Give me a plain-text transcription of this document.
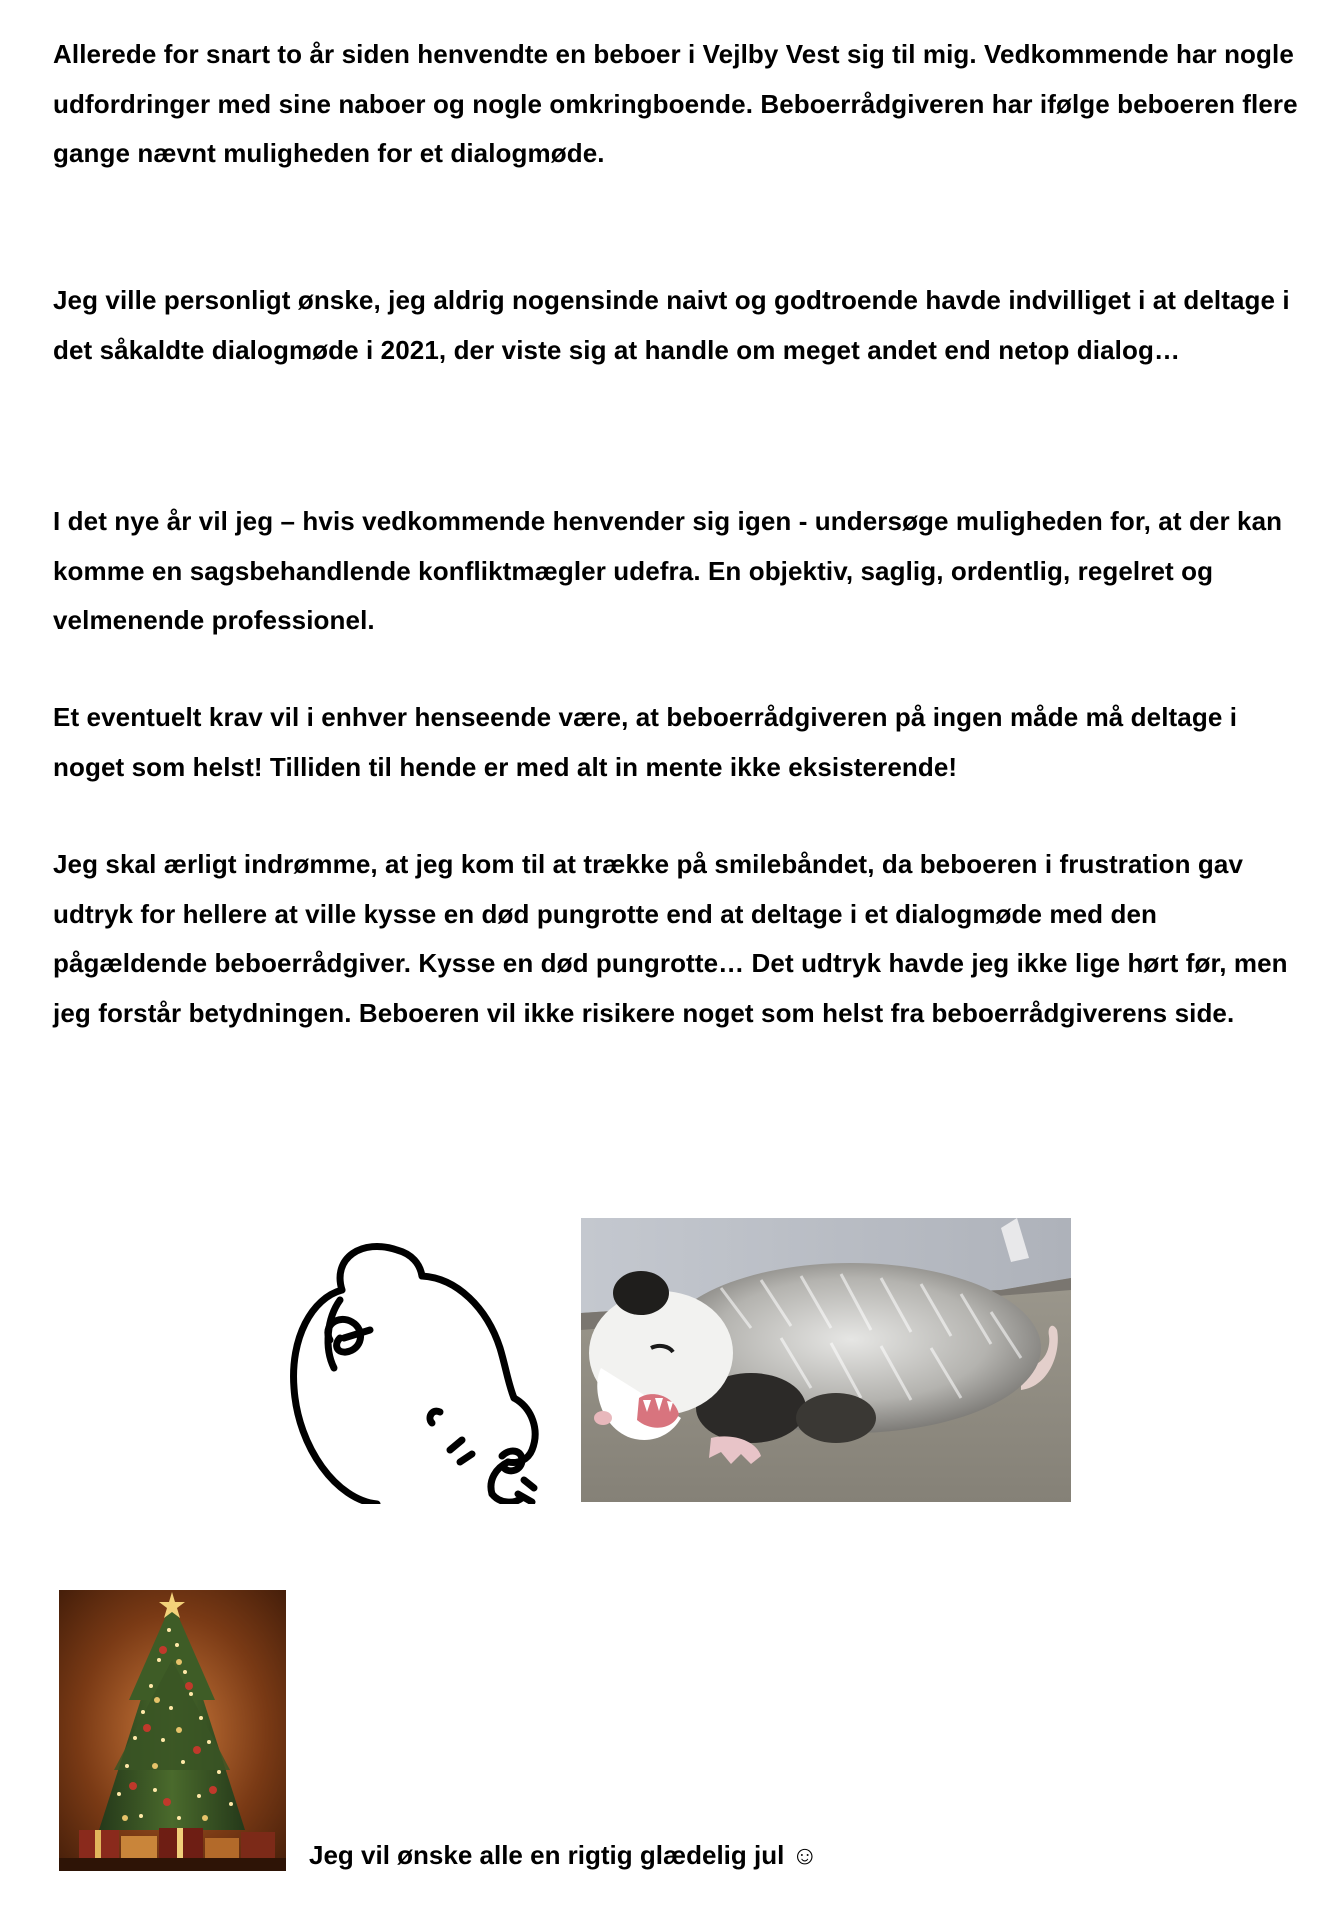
Allerede for snart to år siden henvendte en beboer i Vejlby Vest sig til mig. Vedkommende har nogle udfordringer med sine naboer og nogle omkringboende. Beboerrådgiveren har ifølge beboeren flere gange nævnt muligheden for et dialogmøde.

Jeg ville personligt ønske, jeg aldrig nogensinde naivt og godtroende havde indvilliget i at deltage i det såkaldte dialogmøde i 2021, der viste sig at handle om meget andet end netop dialog…

I det nye år vil jeg – hvis vedkommende henvender sig igen - undersøge muligheden for, at der kan komme en sagsbehandlende konfliktmægler udefra. En objektiv, saglig, ordentlig, regelret og velmenende professionel.

Et eventuelt krav vil i enhver henseende være, at beboerrådgiveren på ingen måde må deltage i noget som helst! Tilliden til hende er med alt in mente ikke eksisterende!

Jeg skal ærligt indrømme, at jeg kom til at trække på smilebåndet, da beboeren i frustration gav udtryk for hellere at ville kysse en død pungrotte end at deltage i et dialogmøde med den pågældende beboerrådgiver. Kysse en død pungrotte… Det udtryk havde jeg ikke lige hørt før, men jeg forstår betydningen. Beboeren vil ikke risikere noget som helst fra beboerrådgiverens side.

Jeg vil ønske alle en rigtig glædelig jul ☺
